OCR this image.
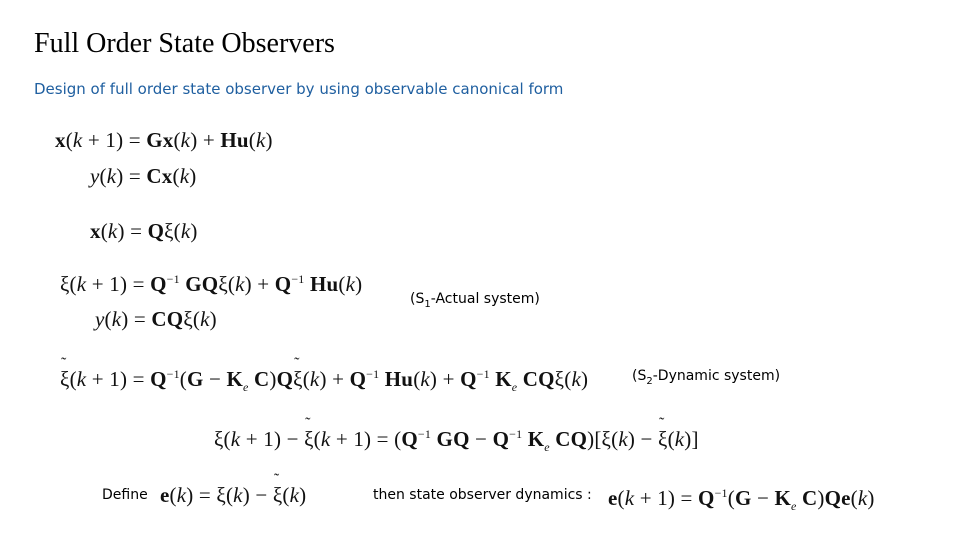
Full Order State Observers
Design of full order state observer by using observable canonical form
x(k + 1) = Gx(k) + Hu(k)
y(k) = Cx(k)
x(k) = Qξ(k)
$\xi(k + 1) = Q^{-1}$ $GQ\xi(k) + Q^{-1}$ Hu(k)
y(k) = CQξ(k)
($S_1$-Actual system)
ξ ˜(k + $1) = Q^{-1}(G - K_e$ C)Qξ ˜(k) + $Q^{-1}$ $Hu(k) + Q^{-1}$ $K_e$ CQξ(k)	($S_2$-Dynamic system)
ξ(k + 1) − ξ ˜(k + $1) = (Q^{-1}$ GQ − $Q^{-1}$ $K_e$ CQ)[ξ(k) − ξ ˜(k)]
Define e(k) = ξ(k) − ξ ˜(k)	then state observer dynamics : $e(k + 1) = Q^{-1}(G - K_e$ C)Qe(k)
